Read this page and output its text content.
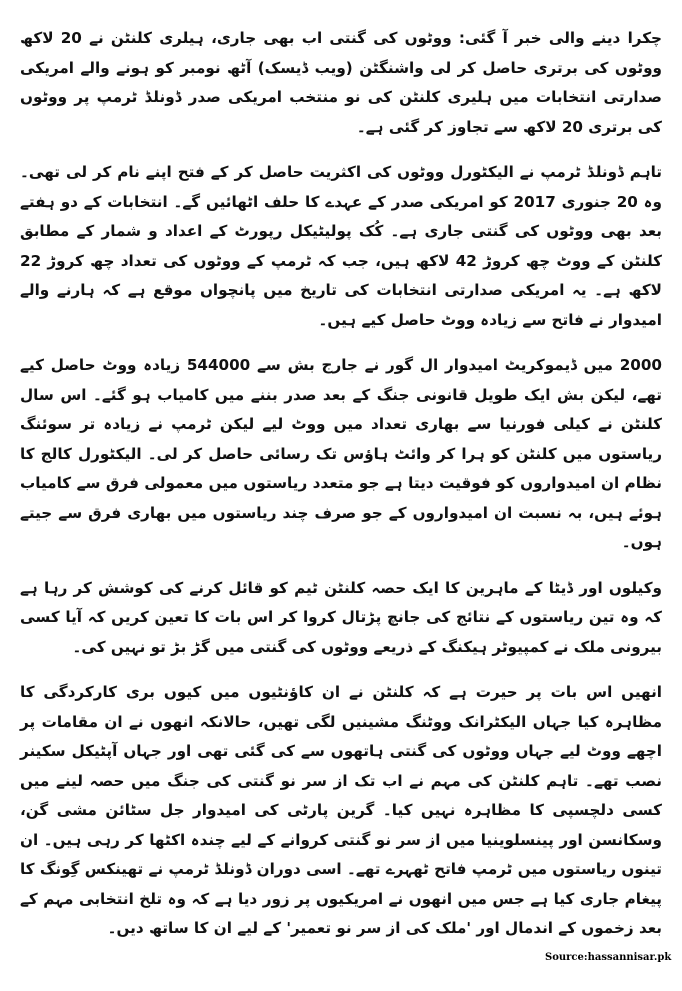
چکرا دینے والی خبر آ گئی: ووٹوں کی گنتی اب بھی جاری، ہیلری کلنٹن نے 20 لاکھ ووٹوں کی برتری حاصل کر لی واشنگٹن (ویب ڈیسک) آٹھ نومبر کو ہونے والے امریکی صدارتی انتخابات میں ہلیری کلنٹن کی نو منتخب امریکی صدر ڈونلڈ ٹرمپ پر ووٹوں کی برتری 20 لاکھ سے تجاوز کر گئی ہے۔

تاہم ڈونلڈ ٹرمپ نے الیکٹورل ووٹوں کی اکثریت حاصل کر کے فتح اپنے نام کر لی تھی۔ وہ 20 جنوری 2017 کو امریکی صدر کے عہدے کا حلف اٹھائیں گے۔ انتخابات کے دو ہفتے بعد بھی ووٹوں کی گنتی جاری ہے۔ کُک پولیٹیکل رپورٹ کے اعداد و شمار کے مطابق کلنٹن کے ووٹ چھ کروڑ 42 لاکھ ہیں، جب کہ ٹرمپ کے ووٹوں کی تعداد چھ کروڑ 22 لاکھ ہے۔ یہ امریکی صدارتی انتخابات کی تاریخ میں پانچواں موقع ہے کہ ہارنے والے امیدوار نے فاتح سے زیادہ ووٹ حاصل کیے ہیں۔

2000 میں ڈیموکریٹ امیدوار ال گور نے جارج بش سے 544000 زیادہ ووٹ حاصل کیے تھے، لیکن بش ایک طویل قانونی جنگ کے بعد صدر بننے میں کامیاب ہو گئے۔ اس سال کلنٹن نے کیلی فورنیا سے بھاری تعداد میں ووٹ لیے لیکن ٹرمپ نے زیادہ تر سوئنگ ریاستوں میں کلنٹن کو ہرا کر وائٹ ہاؤس تک رسائی حاصل کر لی۔ الیکٹورل کالج کا نظام ان امیدواروں کو فوقیت دیتا ہے جو متعدد ریاستوں میں معمولی فرق سے کامیاب ہوئے ہیں، بہ نسبت ان امیدواروں کے جو صرف چند ریاستوں میں بھاری فرق سے جیتے ہوں۔

وکیلوں اور ڈیٹا کے ماہرین کا ایک حصہ کلنٹن ٹیم کو قائل کرنے کی کوشش کر رہا ہے کہ وہ تین ریاستوں کے نتائج کی جانچ پڑتال کروا کر اس بات کا تعین کریں کہ آیا کسی بیرونی ملک نے کمپیوٹر ہیکنگ کے ذریعے ووٹوں کی گنتی میں گڑ بڑ تو نہیں کی۔

انھیں اس بات پر حیرت ہے کہ کلنٹن نے ان کاؤنٹیوں میں کیوں بری کارکردگی کا مظاہرہ کیا جہاں الیکٹرانک ووٹنگ مشینیں لگی تھیں، حالانکہ انھوں نے ان مقامات پر اچھے ووٹ لیے جہاں ووٹوں کی گنتی ہاتھوں سے کی گئی تھی اور جہاں آپٹیکل سکینر نصب تھے۔ تاہم کلنٹن کی مہم نے اب تک از سر نو گنتی کی جنگ میں حصہ لینے میں کسی دلچسپی کا مظاہرہ نہیں کیا۔ گرین پارٹی کی امیدوار جل سٹائن مشی گن، وسکانسن اور پینسلوینیا میں از سر نو گنتی کروانے کے لیے چندہ اکٹھا کر رہی ہیں۔ ان تینوں ریاستوں میں ٹرمپ فاتح ٹھہرے تھے۔ اسی دوران ڈونلڈ ٹرمپ نے تھینکس گِونگ کا پیغام جاری کیا ہے جس میں انھوں نے امریکیوں پر زور دیا ہے کہ وہ تلخ انتخابی مہم کے بعد زخموں کے اندمال اور 'ملک کی از سر نو تعمیر' کے لیے ان کا ساتھ دیں۔

Source:hassannisar.pk
